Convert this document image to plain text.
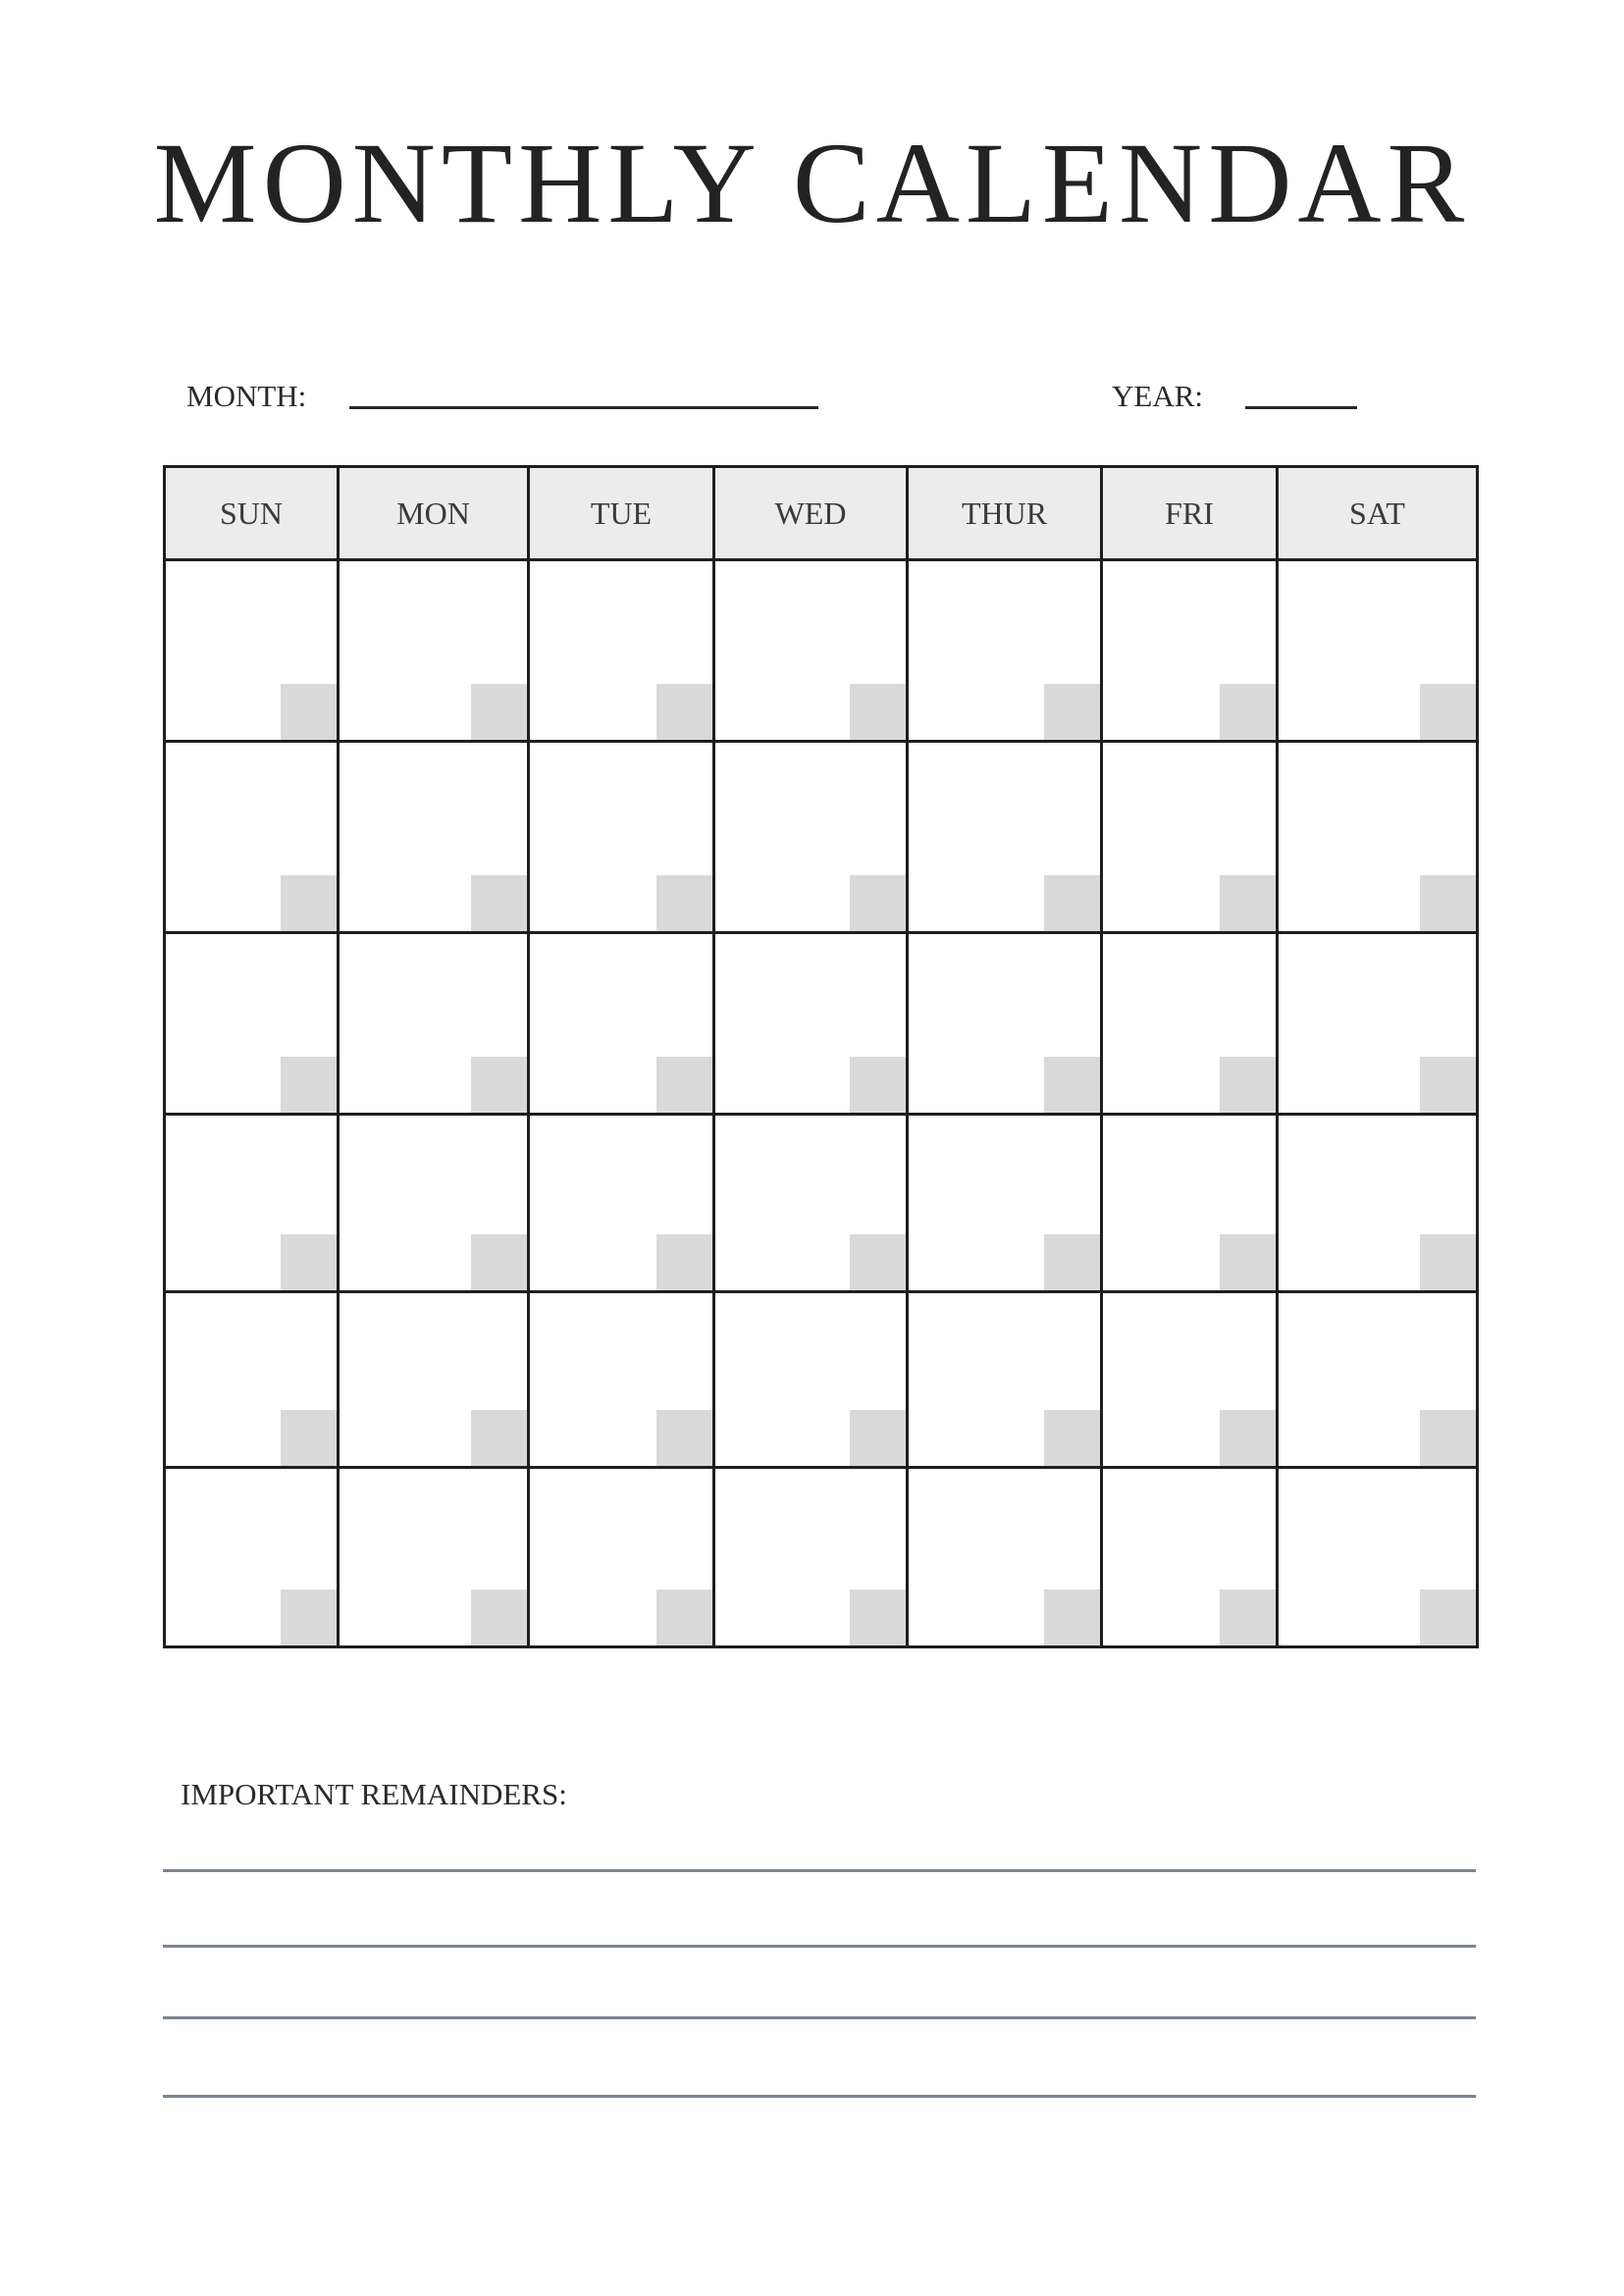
MONTHLY CALENDAR
MONTH:	YEAR:
SUN	MON	TUE	WED	THUR	FRI	SAT

IMPORTANT REMAINDERS:
